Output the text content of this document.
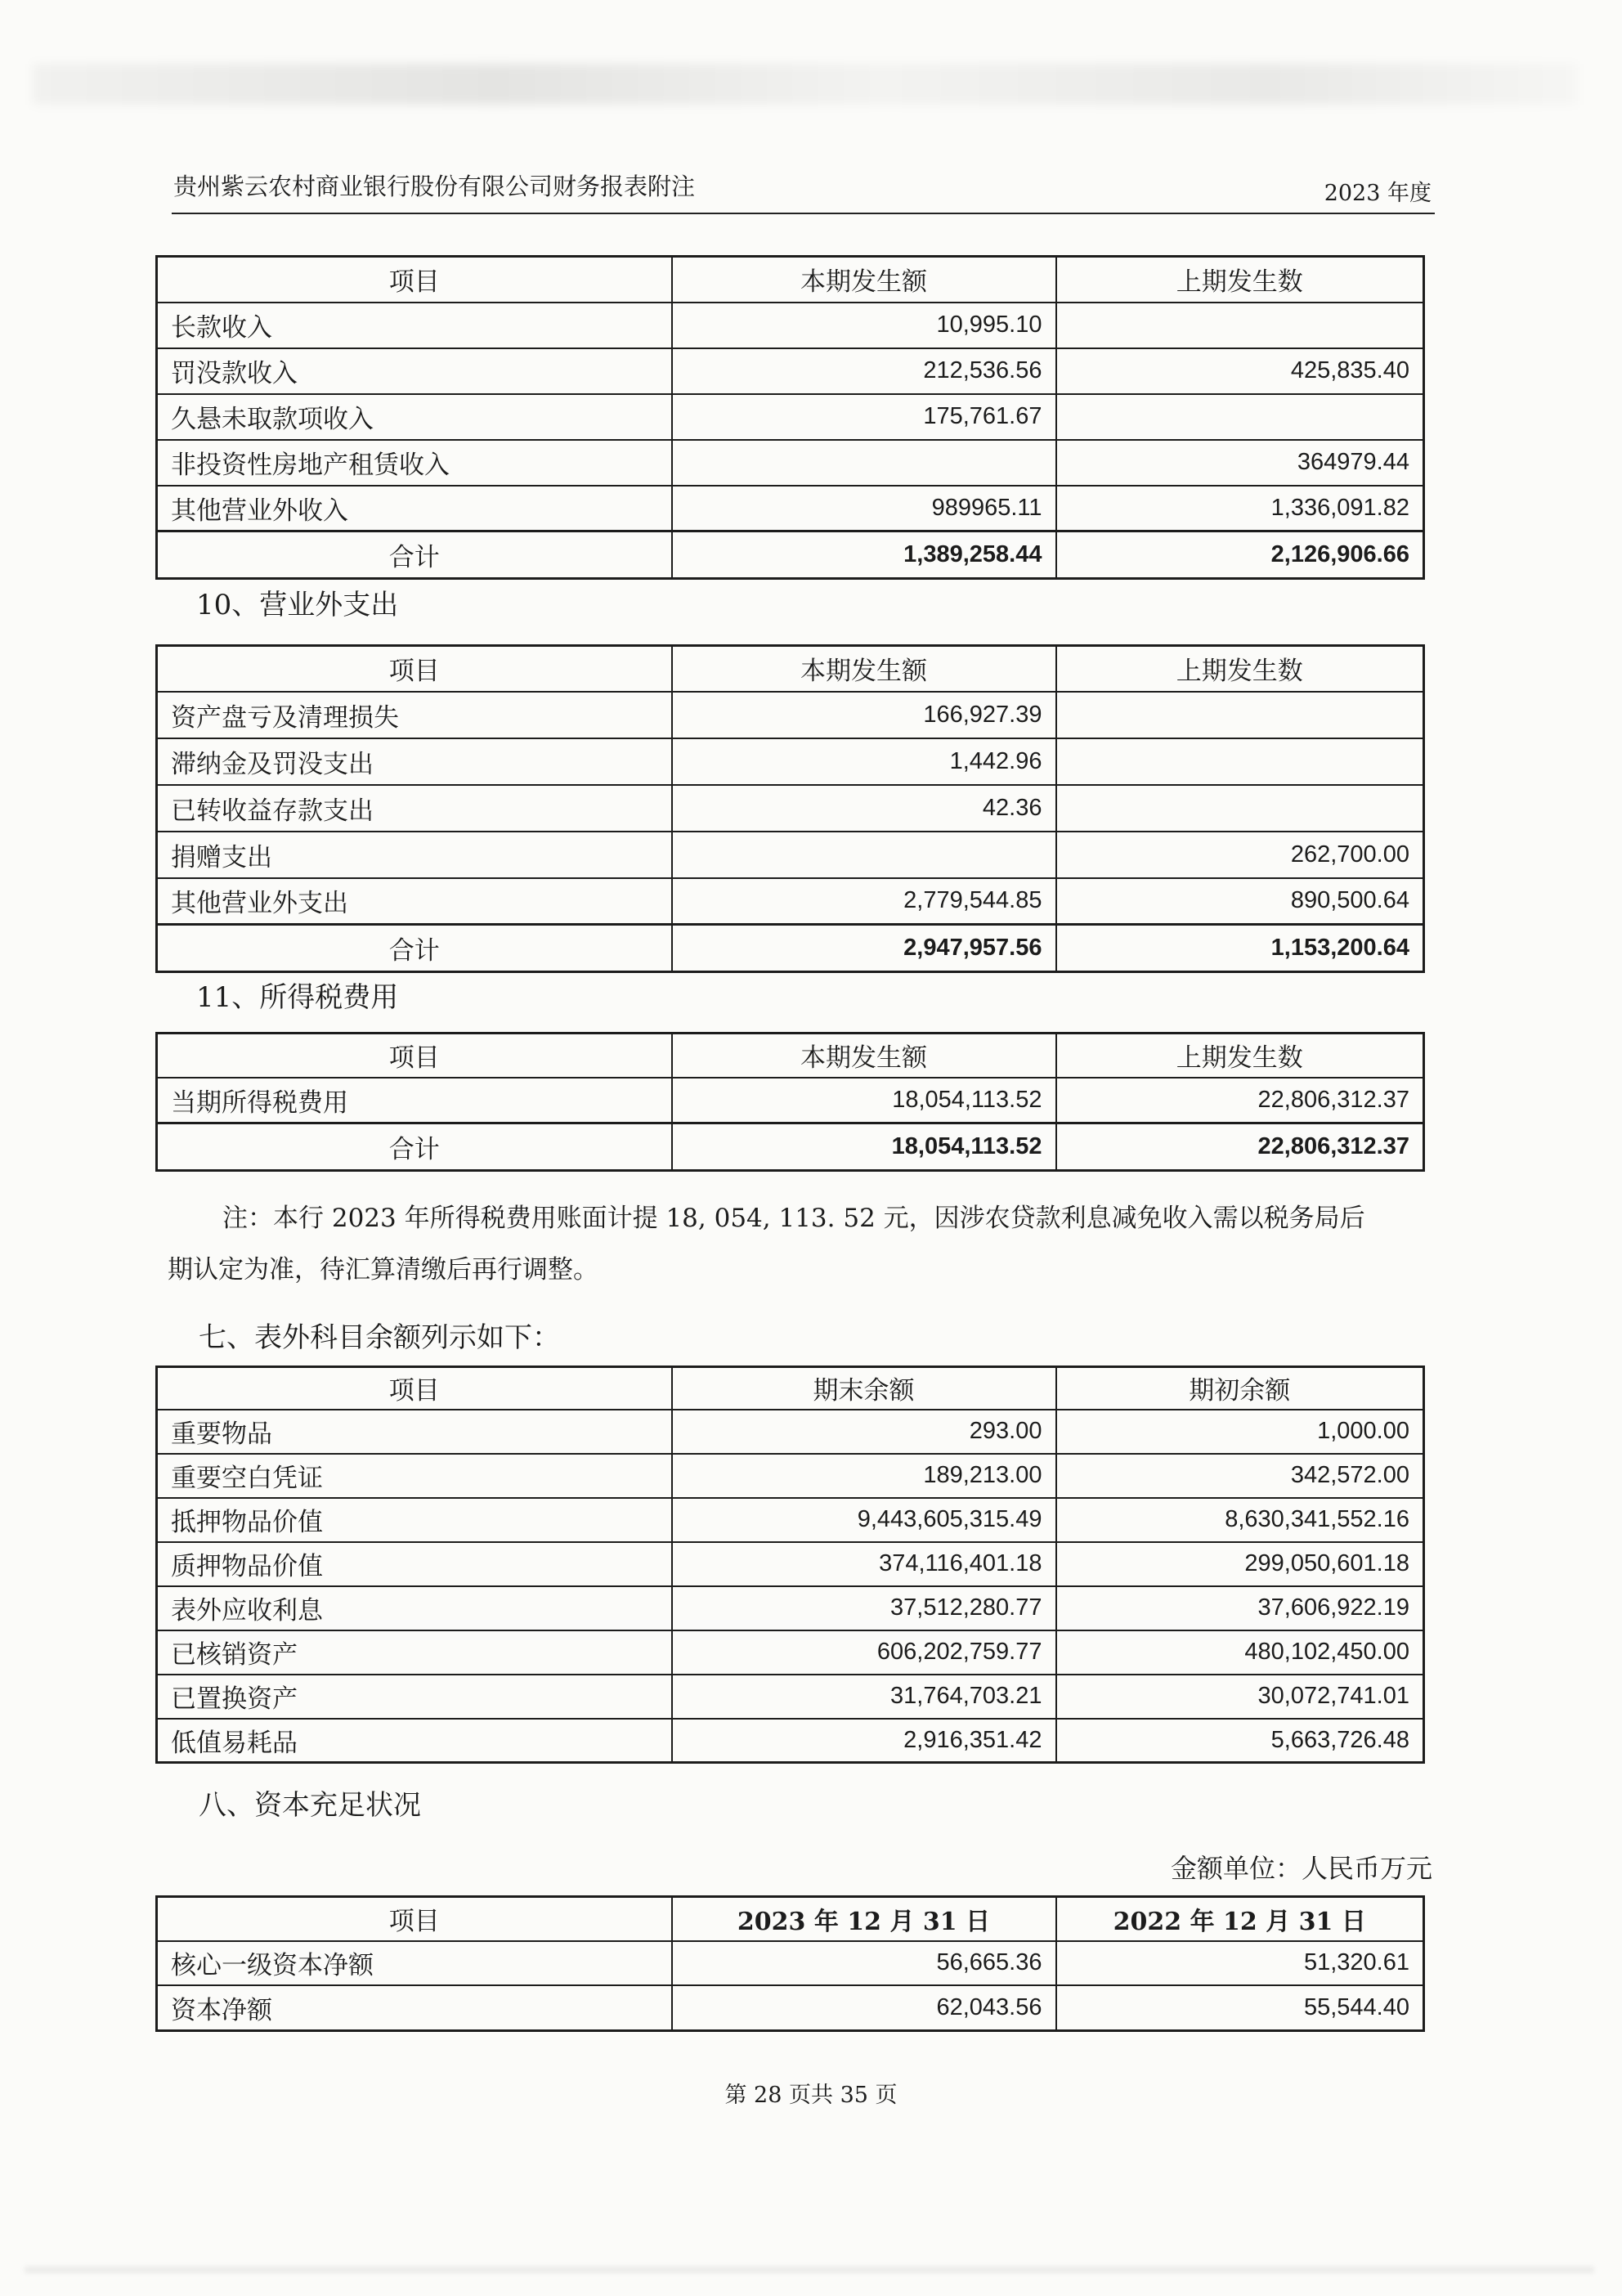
贵州紫云农村商业银行股份有限公司财务报表附注	2023 年度
项目	本期发生额	上期发生数
长款收入	10,995.10	
罚没款收入	212,536.56	425,835.40
久悬未取款项收入	175,761.67	
非投资性房地产租赁收入		364979.44
其他营业外收入	989965.11	1,336,091.82
合计	1,389,258.44	2,126,906.66
10、营业外支出
项目	本期发生额	上期发生数
资产盘亏及清理损失	166,927.39	
滞纳金及罚没支出	1,442.96	
已转收益存款支出	42.36	
捐赠支出		262,700.00
其他营业外支出	2,779,544.85	890,500.64
合计	2,947,957.56	1,153,200.64
11、所得税费用
项目	本期发生额	上期发生数
当期所得税费用	18,054,113.52	22,806,312.37
合计	18,054,113.52	22,806,312.37
注：本行 2023 年所得税费用账面计提 18, 054, 113. 52 元，因涉农贷款利息减免收入需以税务局后
期认定为准，待汇算清缴后再行调整。
七、表外科目余额列示如下：
项目	期末余额	期初余额
重要物品	293.00	1,000.00
重要空白凭证	189,213.00	342,572.00
抵押物品价值	9,443,605,315.49	8,630,341,552.16
质押物品价值	374,116,401.18	299,050,601.18
表外应收利息	37,512,280.77	37,606,922.19
已核销资产	606,202,759.77	480,102,450.00
已置换资产	31,764,703.21	30,072,741.01
低值易耗品	2,916,351.42	5,663,726.48
八、资本充足状况
金额单位：人民币万元
项目	2023 年 12 月 31 日	2022 年 12 月 31 日
核心一级资本净额	56,665.36	51,320.61
资本净额	62,043.56	55,544.40
第 28 页共 35 页
